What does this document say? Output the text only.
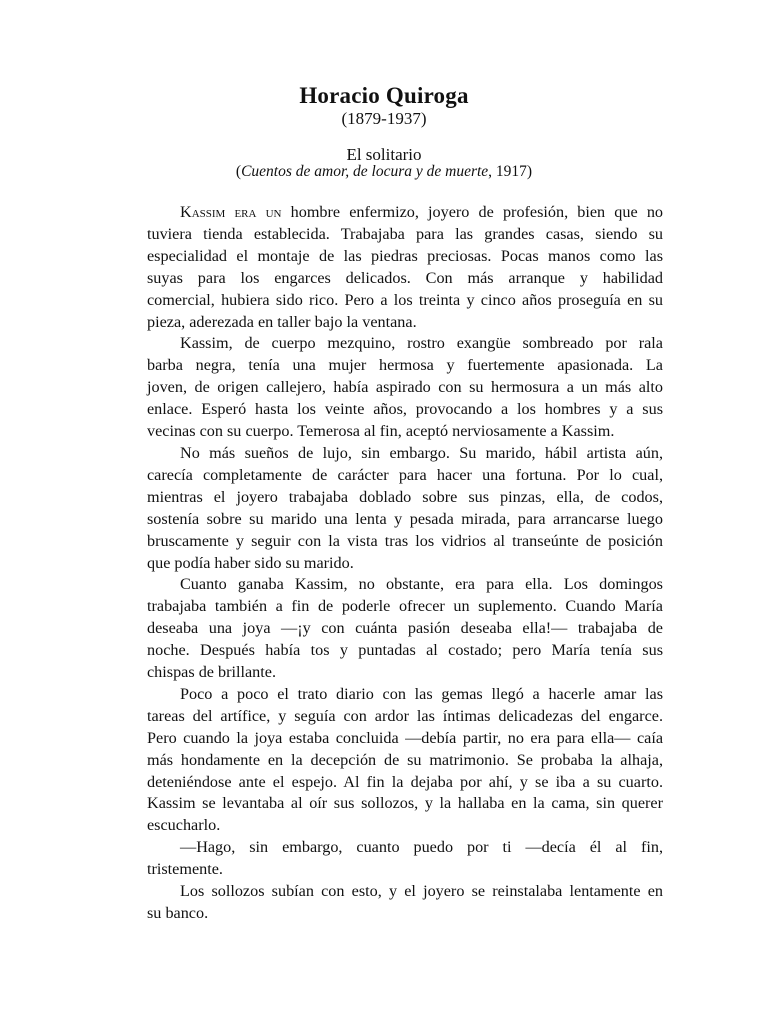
Horacio Quiroga
(1879-1937)
El solitario
(Cuentos de amor, de locura y de muerte, 1917)
Kassim era un hombre enfermizo, joyero de profesión, bien que no
tuviera tienda establecida. Trabajaba para las grandes casas, siendo su
especialidad el montaje de las piedras preciosas. Pocas manos como las
suyas para los engarces delicados. Con más arranque y habilidad
comercial, hubiera sido rico. Pero a los treinta y cinco años proseguía en su
pieza, aderezada en taller bajo la ventana.
Kassim, de cuerpo mezquino, rostro exangüe sombreado por rala
barba negra, tenía una mujer hermosa y fuertemente apasionada. La
joven, de origen callejero, había aspirado con su hermosura a un más alto
enlace. Esperó hasta los veinte años, provocando a los hombres y a sus
vecinas con su cuerpo. Temerosa al fin, aceptó nerviosamente a Kassim.
No más sueños de lujo, sin embargo. Su marido, hábil artista aún,
carecía completamente de carácter para hacer una fortuna. Por lo cual,
mientras el joyero trabajaba doblado sobre sus pinzas, ella, de codos,
sostenía sobre su marido una lenta y pesada mirada, para arrancarse luego
bruscamente y seguir con la vista tras los vidrios al transeúnte de posición
que podía haber sido su marido.
Cuanto ganaba Kassim, no obstante, era para ella. Los domingos
trabajaba también a fin de poderle ofrecer un suplemento. Cuando María
deseaba una joya —¡y con cuánta pasión deseaba ella!— trabajaba de
noche. Después había tos y puntadas al costado; pero María tenía sus
chispas de brillante.
Poco a poco el trato diario con las gemas llegó a hacerle amar las
tareas del artífice, y seguía con ardor las íntimas delicadezas del engarce.
Pero cuando la joya estaba concluida —debía partir, no era para ella— caía
más hondamente en la decepción de su matrimonio. Se probaba la alhaja,
deteniéndose ante el espejo. Al fin la dejaba por ahí, y se iba a su cuarto.
Kassim se levantaba al oír sus sollozos, y la hallaba en la cama, sin querer
escucharlo.
—Hago, sin embargo, cuanto puedo por ti —decía él al fin,
tristemente.
Los sollozos subían con esto, y el joyero se reinstalaba lentamente en
su banco.
